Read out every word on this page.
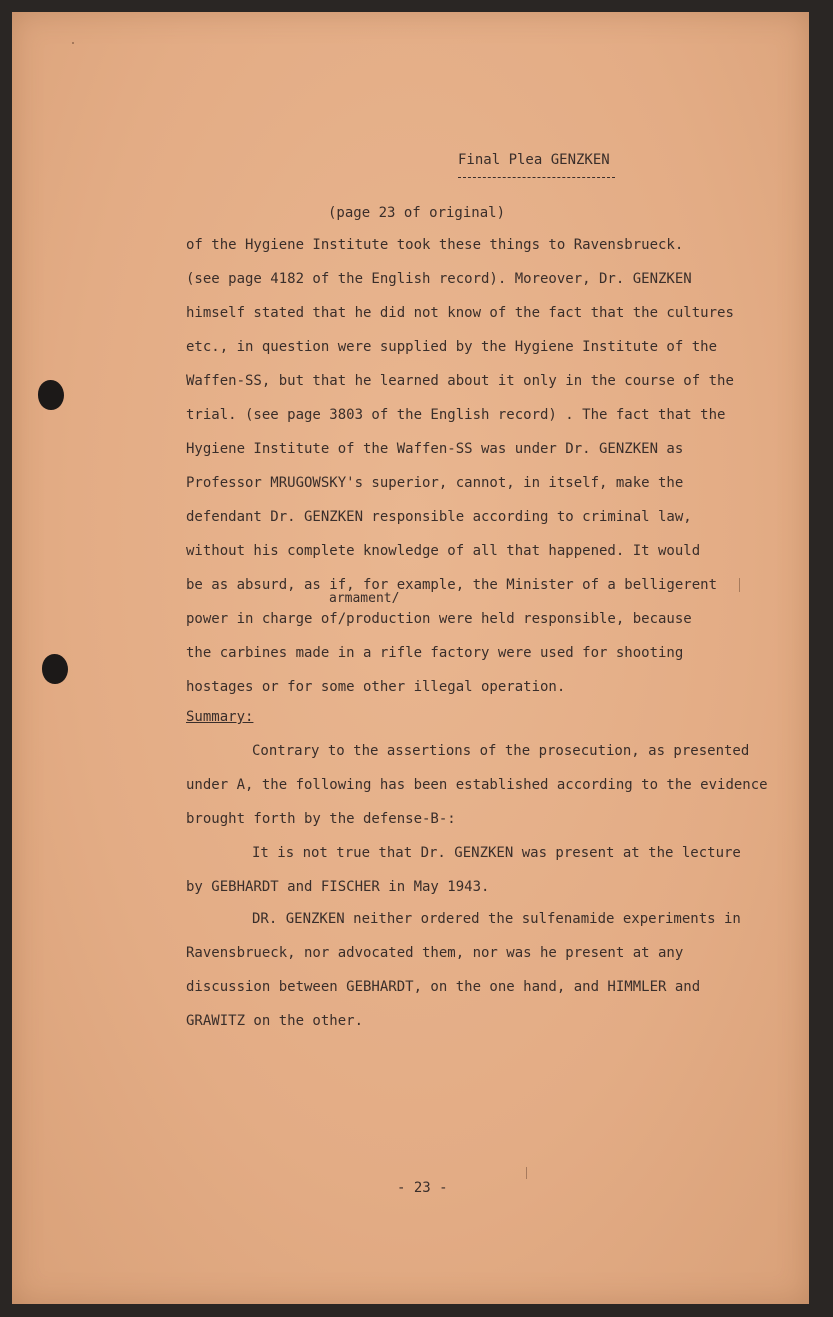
Final Plea GENZKEN
(page 23 of original)
of the Hygiene Institute took these things to Ravensbrueck.
(see page 4182 of the English record). Moreover, Dr. GENZKEN
himself stated that he did not know of the fact that the cultures
etc., in question were supplied by the Hygiene Institute of the
Waffen-SS, but that he learned about it only in the course of the
trial. (see page 3803 of the English record) . The fact that the
Hygiene Institute of the Waffen-SS was under Dr. GENZKEN as
Professor MRUGOWSKY's superior, cannot, in itself, make the
defendant Dr. GENZKEN responsible according to criminal law,
without his complete knowledge of all that happened. It would
be as absurd, as if, for example, the Minister of a belligerent
armament/
power in charge of/production were held responsible, because
the carbines made in a rifle factory were used for shooting
hostages or for some other illegal operation.
Summary:
Contrary to the assertions of the prosecution, as presented
under A, the following has been established according to the evidence
brought forth by the defense-B-:
It is not true that Dr. GENZKEN was present at the lecture
by GEBHARDT and FISCHER in May 1943.
DR. GENZKEN neither ordered the sulfenamide experiments in
Ravensbrueck, nor advocated them, nor was he present at any
discussion between GEBHARDT, on the one hand, and HIMMLER and
GRAWITZ on the other.
- 23 -
